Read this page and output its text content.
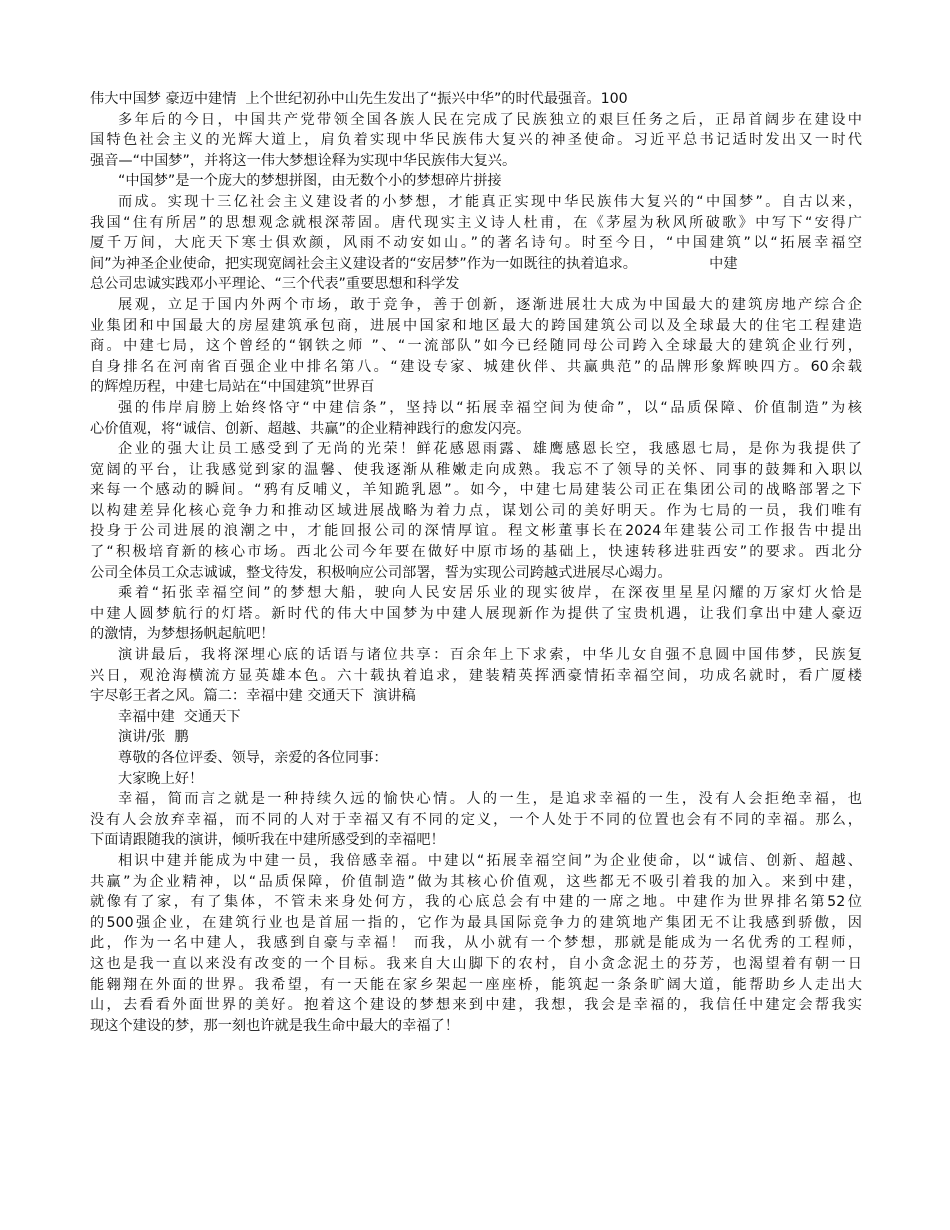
伟大中国梦 豪迈中建情  上个世纪初孙中山先生发出了“振兴中华”的时代最强音。100
多年后的今日，中国共产党带领全国各族人民在完成了民族独立的艰巨任务之后，正昂首阔步在建设中
国特色社会主义的光辉大道上，肩负着实现中华民族伟大复兴的神圣使命。习近平总书记适时发出又一时代
强音—“中国梦”，并将这一伟大梦想诠释为实现中华民族伟大复兴。
“中国梦”是一个庞大的梦想拼图，由无数个小的梦想碎片拼接
而成。实现十三亿社会主义建设者的小梦想，才能真正实现中华民族伟大复兴的“中国梦”。自古以来，
我国“住有所居”的思想观念就根深蒂固。唐代现实主义诗人杜甫，在《茅屋为秋风所破歌》中写下“安得广
厦千万间，大庇天下寒士俱欢颜，风雨不动安如山。”的著名诗句。时至今日，“中国建筑”以“拓展幸福空
间”为神圣企业使命，把实现宽阔社会主义建设者的“安居梦”作为一如既往的执着追求。                中建
总公司忠诚实践邓小平理论、“三个代表”重要思想和科学发
展观，立足于国内外两个市场，敢于竞争，善于创新，逐渐进展壮大成为中国最大的建筑房地产综合企
业集团和中国最大的房屋建筑承包商，进展中国家和地区最大的跨国建筑公司以及全球最大的住宅工程建造
商。中建七局，这个曾经的“钢铁之师 ”、“一流部队”如今已经随同母公司跨入全球最大的建筑企业行列，
自身排名在河南省百强企业中排名第八。“建设专家、城建伙伴、共赢典范”的品牌形象辉映四方。60余载
的辉煌历程，中建七局站在“中国建筑”世界百
强的伟岸肩膀上始终恪守“中建信条”，坚持以“拓展幸福空间为使命”，以“品质保障、价值制造”为核
心价值观，将“诚信、创新、超越、共赢”的企业精神践行的愈发闪亮。
企业的强大让员工感受到了无尚的光荣！鲜花感恩雨露、雄鹰感恩长空，我感恩七局，是你为我提供了
宽阔的平台，让我感觉到家的温馨、使我逐渐从稚嫩走向成熟。我忘不了领导的关怀、同事的鼓舞和入职以
来每一个感动的瞬间。“鸦有反哺义，羊知跪乳恩”。如今，中建七局建装公司正在集团公司的战略部署之下
以构建差异化核心竞争力和推动区域进展战略为着力点，谋划公司的美好明天。作为七局的一员，我们唯有
投身于公司进展的浪潮之中，才能回报公司的深情厚谊。程文彬董事长在2024年建装公司工作报告中提出
了“积极培育新的核心市场。西北公司今年要在做好中原市场的基础上，快速转移进驻西安”的要求。西北分
公司全体员工众志诚诚，整戈待发，积极响应公司部署，誓为实现公司跨越式进展尽心竭力。
乘着“拓张幸福空间”的梦想大船，驶向人民安居乐业的现实彼岸，在深夜里星星闪耀的万家灯火恰是
中建人圆梦航行的灯塔。新时代的伟大中国梦为中建人展现新作为提供了宝贵机遇，让我们拿出中建人豪迈
的激情，为梦想扬帆起航吧！
演讲最后，我将深埋心底的话语与诸位共享：百余年上下求索，中华儿女自强不息圆中国伟梦，民族复
兴日，观沧海横流方显英雄本色。六十载执着追求，建装精英挥洒豪情拓幸福空间，功成名就时，看广厦楼
宇尽彰王者之风。篇二：幸福中建 交通天下  演讲稿
幸福中建  交通天下
演讲/张  鹏
尊敬的各位评委、领导，亲爱的各位同事：
大家晚上好！
幸福，简而言之就是一种持续久远的愉快心情。人的一生，是追求幸福的一生，没有人会拒绝幸福，也
没有人会放弃幸福，而不同的人对于幸福又有不同的定义，一个人处于不同的位置也会有不同的幸福。那么，
下面请跟随我的演讲，倾听我在中建所感受到的幸福吧！
相识中建并能成为中建一员，我倍感幸福。中建以“拓展幸福空间”为企业使命，以“诚信、创新、超越、
共赢”为企业精神，以“品质保障，价值制造”做为其核心价值观，这些都无不吸引着我的加入。来到中建，
就像有了家，有了集体，不管未来身处何方，我的心底总会有中建的一席之地。中建作为世界排名第52位
的500强企业，在建筑行业也是首屈一指的，它作为最具国际竞争力的建筑地产集团无不让我感到骄傲，因
此，作为一名中建人，我感到自豪与幸福！ 而我，从小就有一个梦想，那就是能成为一名优秀的工程师，
这也是我一直以来没有改变的一个目标。我来自大山脚下的农村，自小贪念泥土的芬芳，也渴望着有朝一日
能翱翔在外面的世界。我希望，有一天能在家乡架起一座座桥，能筑起一条条旷阔大道，能帮助乡人走出大
山，去看看外面世界的美好。抱着这个建设的梦想来到中建，我想，我会是幸福的，我信任中建定会帮我实
现这个建设的梦，那一刻也许就是我生命中最大的幸福了！
